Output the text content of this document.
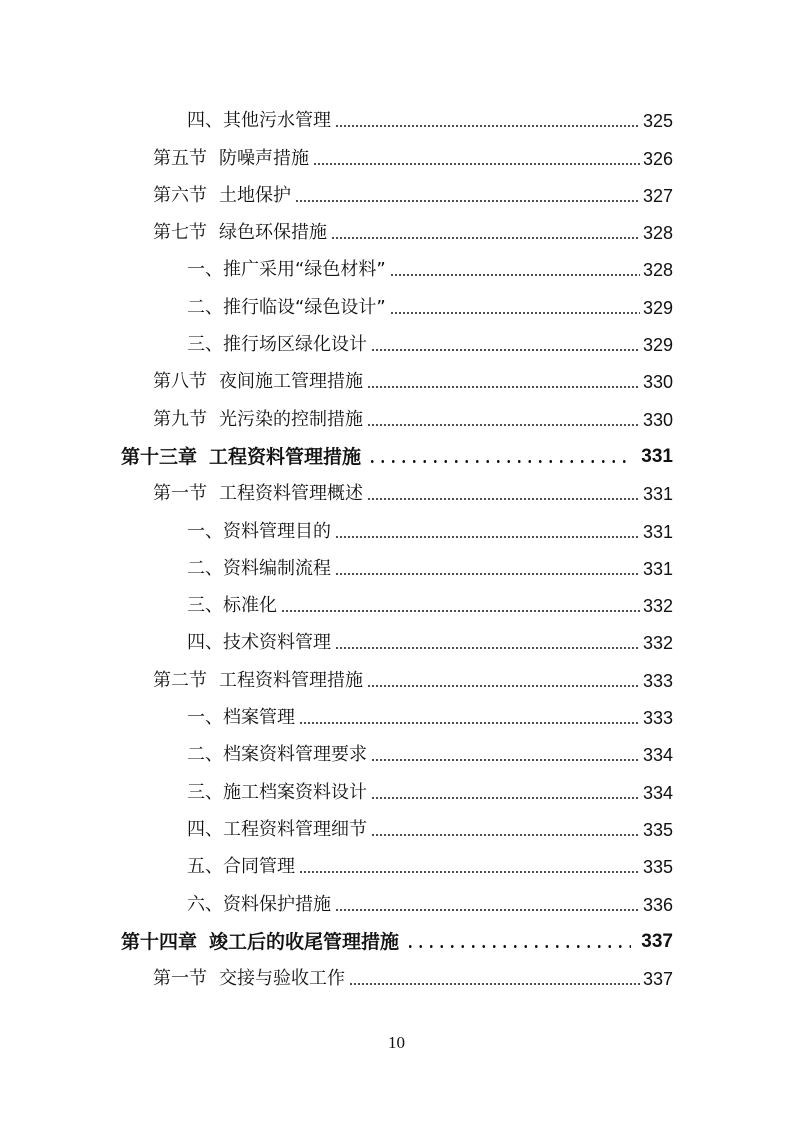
四、 其他污水管理	325
第五节 防噪声措施	326
第六节 土地保护	327
第七节 绿色环保措施	328
一、 推广采用“绿色材料”	328
二、 推行临设“绿色设计”	329
三、 推行场区绿化设计	329
第八节 夜间施工管理措施	330
第九节 光污染的控制措施	330
第十三章 工程资料管理措施	331
第一节 工程资料管理概述	331
一、 资料管理目的	331
二、 资料编制流程	331
三、 标准化	332
四、 技术资料管理	332
第二节 工程资料管理措施	333
一、 档案管理	333
二、 档案资料管理要求	334
三、 施工档案资料设计	334
四、 工程资料管理细节	335
五、 合同管理	335
六、 资料保护措施	336
第十四章 竣工后的收尾管理措施	337
第一节 交接与验收工作	337
10
